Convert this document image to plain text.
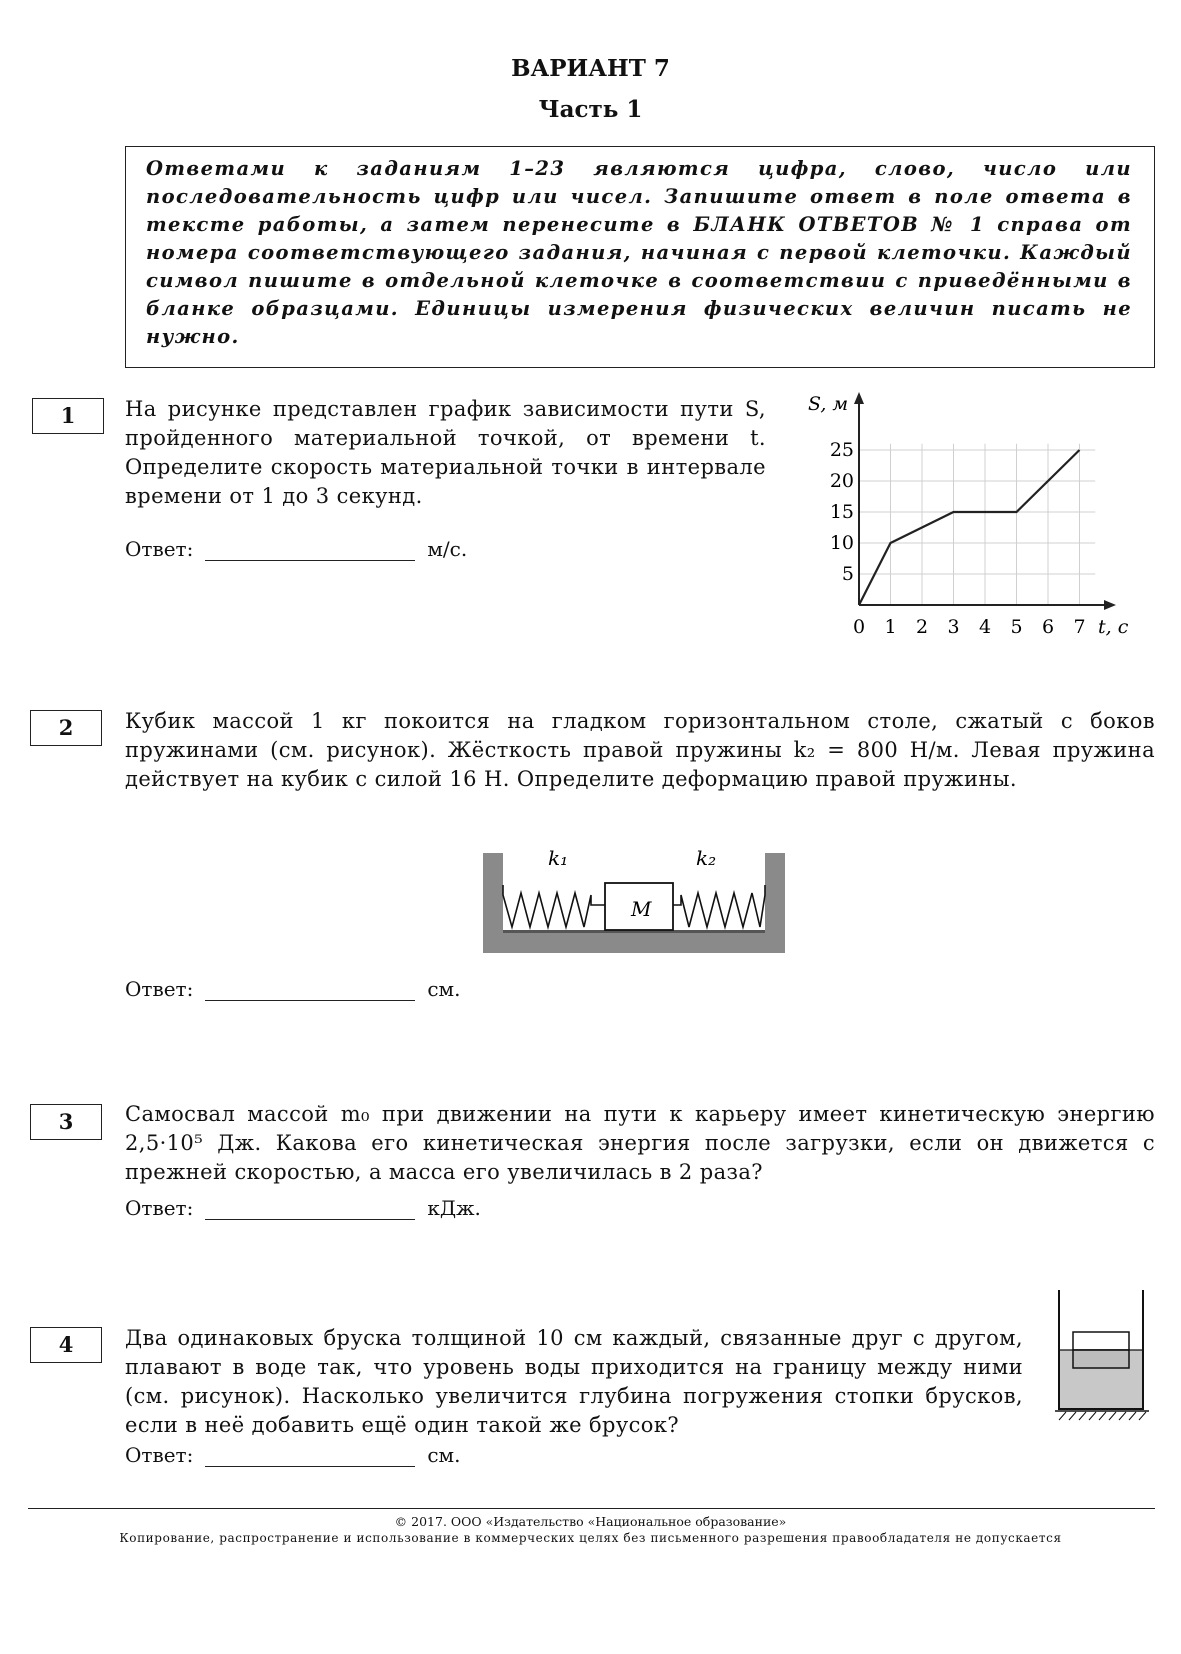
ВАРИАНТ 7
Часть 1
Ответами к заданиям 1–23 являются цифра, слово, число или последовательность цифр или чисел. Запишите ответ в поле ответа в тексте работы, а затем перенесите в БЛАНК ОТВЕТОВ № 1 справа от номера соответствующего задания, начиная с первой клеточки. Каждый символ пишите в отдельной клеточке в соответствии с приведёнными в бланке образцами. Единицы измерения физических величин писать не нужно.
1	На рисунке представлен график зависимости пути S, пройденного материальной точкой, от времени t. Определите скорость материальной точки в интервале времени от 1 до 3 секунд.
Ответ:	м/с.
0 1 2 3 4 5 6 7
5
10
15
20
25
S, м
t, с
2	Кубик массой 1 кг покоится на гладком горизонтальном столе, сжатый с боков пружинами (см. рисунок). Жёсткость правой пружины k₂ = 800 Н/м. Левая пружина действует на кубик с силой 16 Н. Определите деформацию правой пружины.
M
k₁	k₂
Ответ:	см.
3	Самосвал массой m₀ при движении на пути к карьеру имеет кинетическую энергию 2,5·10⁵ Дж. Какова его кинетическая энергия после загрузки, если он движется с прежней скоростью, а масса его увеличилась в 2 раза?
Ответ:	кДж.
4	Два одинаковых бруска толщиной 10 см каждый, связанные друг с другом, плавают в воде так, что уровень воды приходится на границу между ними (см. рисунок). Насколько увеличится глубина погружения стопки брусков, если в неё добавить ещё один такой же брусок?
Ответ:	см.
© 2017. ООО «Издательство «Национальное образование»
Копирование, распространение и использование в коммерческих целях без письменного разрешения правообладателя не допускается
